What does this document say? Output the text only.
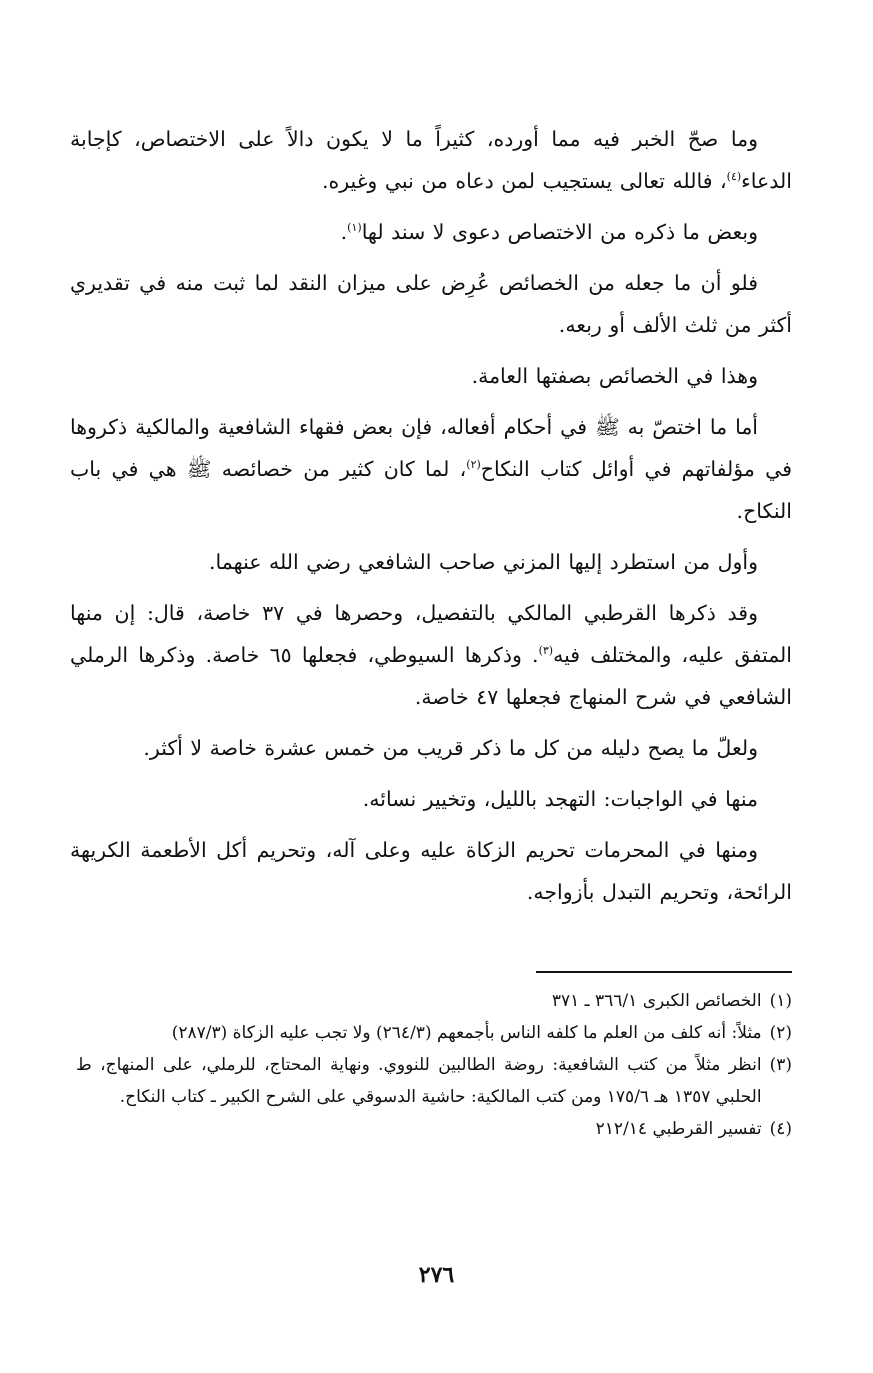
وما صحّ الخبر فيه مما أورده، كثيراً ما لا يكون دالاً على الاختصاص، كإجابة الدعاء$^{(٤)}$، فالله تعالى يستجيب لمن دعاه من نبي وغيره.

وبعض ما ذكره من الاختصاص دعوى لا سند لها$^{(١)}$.

فلو أن ما جعله من الخصائص عُرِض على ميزان النقد لما ثبت منه في تقديري أكثر من ثلث الألف أو ربعه.

وهذا في الخصائص بصفتها العامة.

أما ما اختصّ به ﷺ في أحكام أفعاله، فإن بعض فقهاء الشافعية والمالكية ذكروها في مؤلفاتهم في أوائل كتاب النكاح$^{(٢)}$، لما كان كثير من خصائصه ﷺ هي في باب النكاح.

وأول من استطرد إليها المزني صاحب الشافعي رضي الله عنهما.

وقد ذكرها القرطبي المالكي بالتفصيل، وحصرها في ٣٧ خاصة، قال: إن منها المتفق عليه، والمختلف فيه$^{(٣)}$. وذكرها السيوطي، فجعلها ٦٥ خاصة. وذكرها الرملي الشافعي في شرح المنهاج فجعلها ٤٧ خاصة.

ولعلّ ما يصح دليله من كل ما ذكر قريب من خمس عشرة خاصة لا أكثر.

منها في الواجبات: التهجد بالليل، وتخيير نسائه.

ومنها في المحرمات تحريم الزكاة عليه وعلى آله، وتحريم أكل الأطعمة الكريهة الرائحة، وتحريم التبدل بأزواجه.

(١)
الخصائص الكبرى ٣٦٦/١ ـ ٣٧١
(٢)
مثلاً: أنه كلف من العلم ما كلفه الناس بأجمعهم (٢٦٤/٣) ولا تجب عليه الزكاة (٢٨٧/٣)
(٣)
انظر مثلاً من كتب الشافعية: روضة الطالبين للنووي. ونهاية المحتاج، للرملي، على المنهاج، ط الحلبي ١٣٥٧ هـ ١٧٥/٦ ومن كتب المالكية: حاشية الدسوقي على الشرح الكبير ـ كتاب النكاح.
(٤)
تفسير القرطبي ٢١٢/١٤
٢٧٦
